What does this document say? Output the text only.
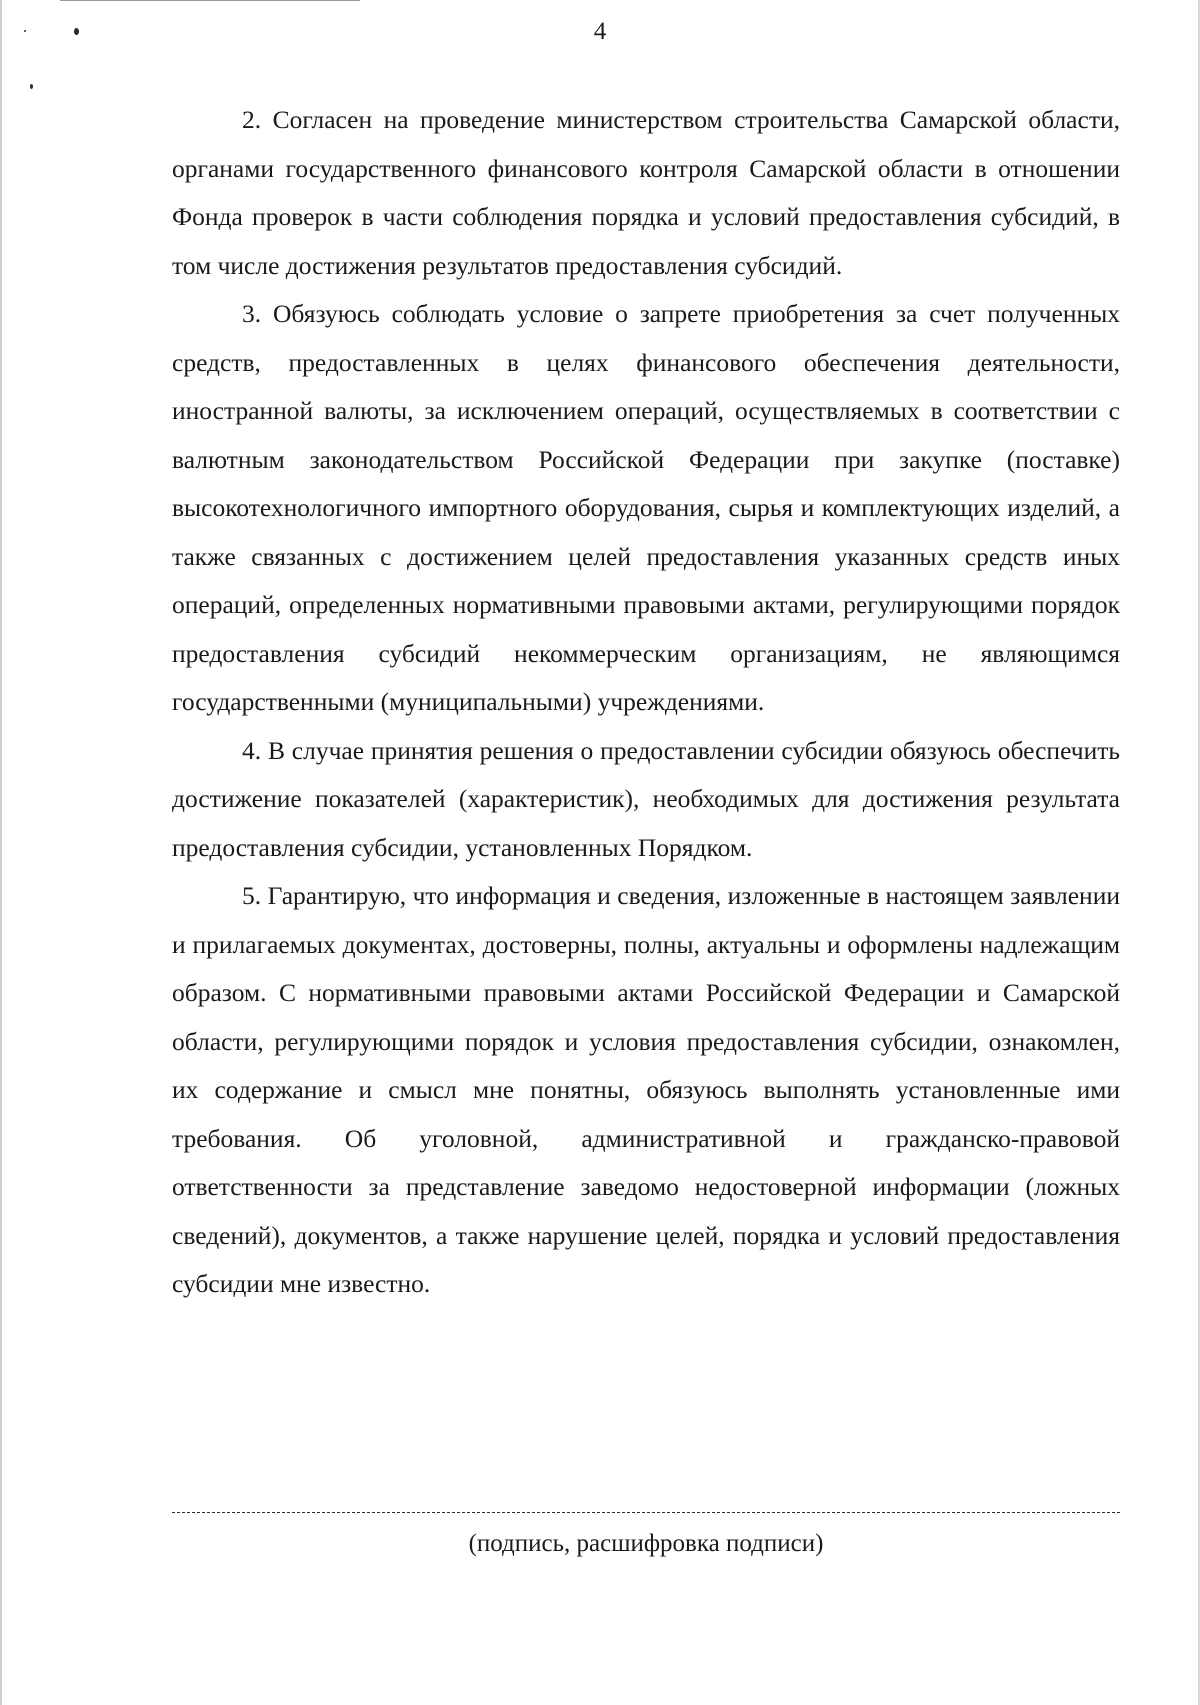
4

2. Согласен на проведение министерством строительства Самарской области, органами государственного финансового контроля Самарской области в отношении Фонда проверок в части соблюдения порядка и условий предоставления субсидий, в том числе достижения результатов предоставления субсидий.

3. Обязуюсь соблюдать условие о запрете приобретения за счет полученных средств, предоставленных в целях финансового обеспечения деятельности, иностранной валюты, за исключением операций, осуществляемых в соответствии с валютным законодательством Российской Федерации при закупке (поставке) высокотехнологичного импортного оборудования, сырья и комплектующих изделий, а также связанных с достижением целей предоставления указанных средств иных операций, определенных нормативными правовыми актами, регулирующими порядок предоставления субсидий некоммерческим организациям, не являющимся государственными (муниципальными) учреждениями.

4. В случае принятия решения о предоставлении субсидии обязуюсь обеспечить достижение показателей (характеристик), необходимых для достижения результата предоставления субсидии, установленных Порядком.

5. Гарантирую, что информация и сведения, изложенные в настоящем заявлении и прилагаемых документах, достоверны, полны, актуальны и оформлены надлежащим образом. С нормативными правовыми актами Российской Федерации и Самарской области, регулирующими порядок и условия предоставления субсидии, ознакомлен, их содержание и смысл мне понятны, обязуюсь выполнять установленные ими требования. Об уголовной, административной и гражданско-правовой ответственности за представление заведомо недостоверной информации (ложных сведений), документов, а также нарушение целей, порядка и условий предоставления субсидии мне известно.

(подпись, расшифровка подписи)
